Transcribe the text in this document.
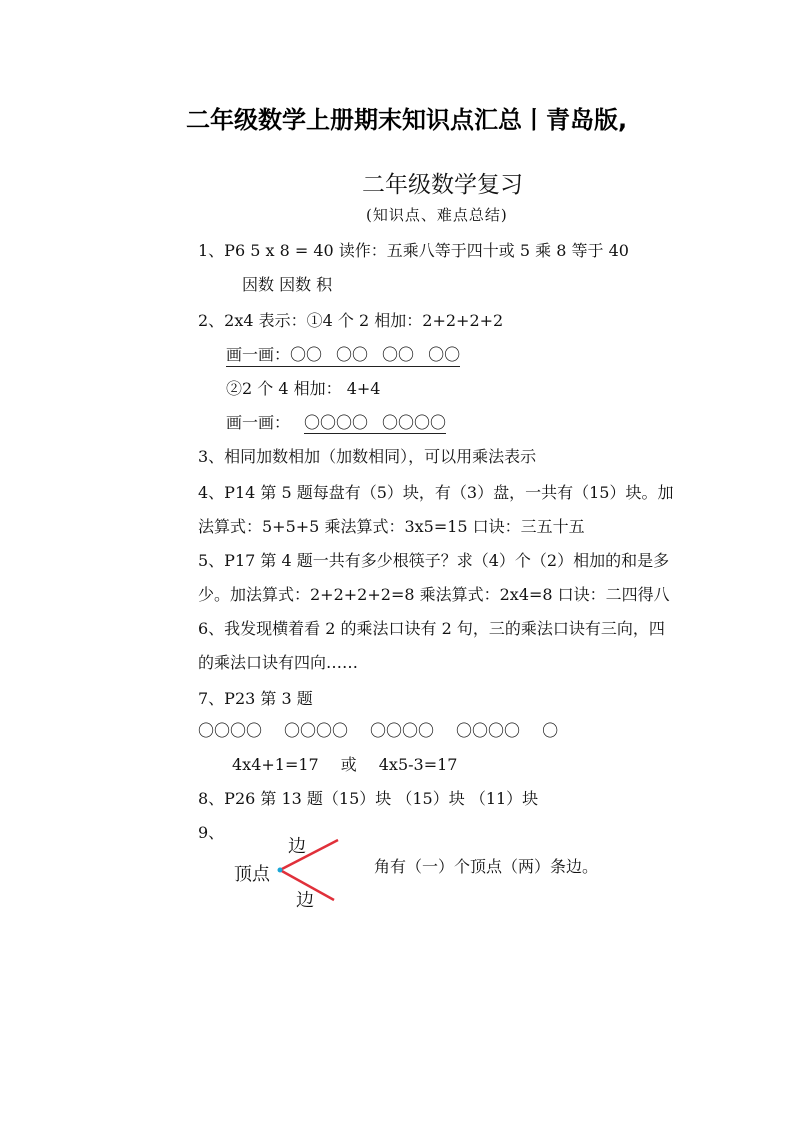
二年级数学上册期末知识点汇总丨青岛版,
二年级数学复习
(知识点、难点总结)
1、P6 5 x 8 = 40 读作：五乘八等于四十或 5 乘 8 等于 40
因数 因数 积
2、2x4 表示：①4 个 2 相加：2+2+2+2
画一画：〇〇 〇〇 〇〇 〇〇
②2 个 4 相加： 4+4
画一画： 〇〇〇〇 〇〇〇〇
3、相同加数相加（加数相同），可以用乘法表示
4、P14 第 5 题每盘有（5）块，有（3）盘，一共有（15）块。加
法算式：5+5+5 乘法算式：3x5=15 口诀：三五十五
5、P17 第 4 题一共有多少根筷子？求（4）个（2）相加的和是多
少。加法算式：2+2+2+2=8 乘法算式：2x4=8 口诀：二四得八
6、我发现横着看 2 的乘法口诀有 2 句，三的乘法口诀有三向，四
的乘法口诀有四向……
7、P23 第 3 题
〇〇〇〇 〇〇〇〇 〇〇〇〇 〇〇〇〇 〇
4x4+1=17 或 4x5-3=17
8、P26 第 13 题（15）块 （15）块 （11）块
9、
边
顶点
边
角有（一）个顶点（两）条边。
